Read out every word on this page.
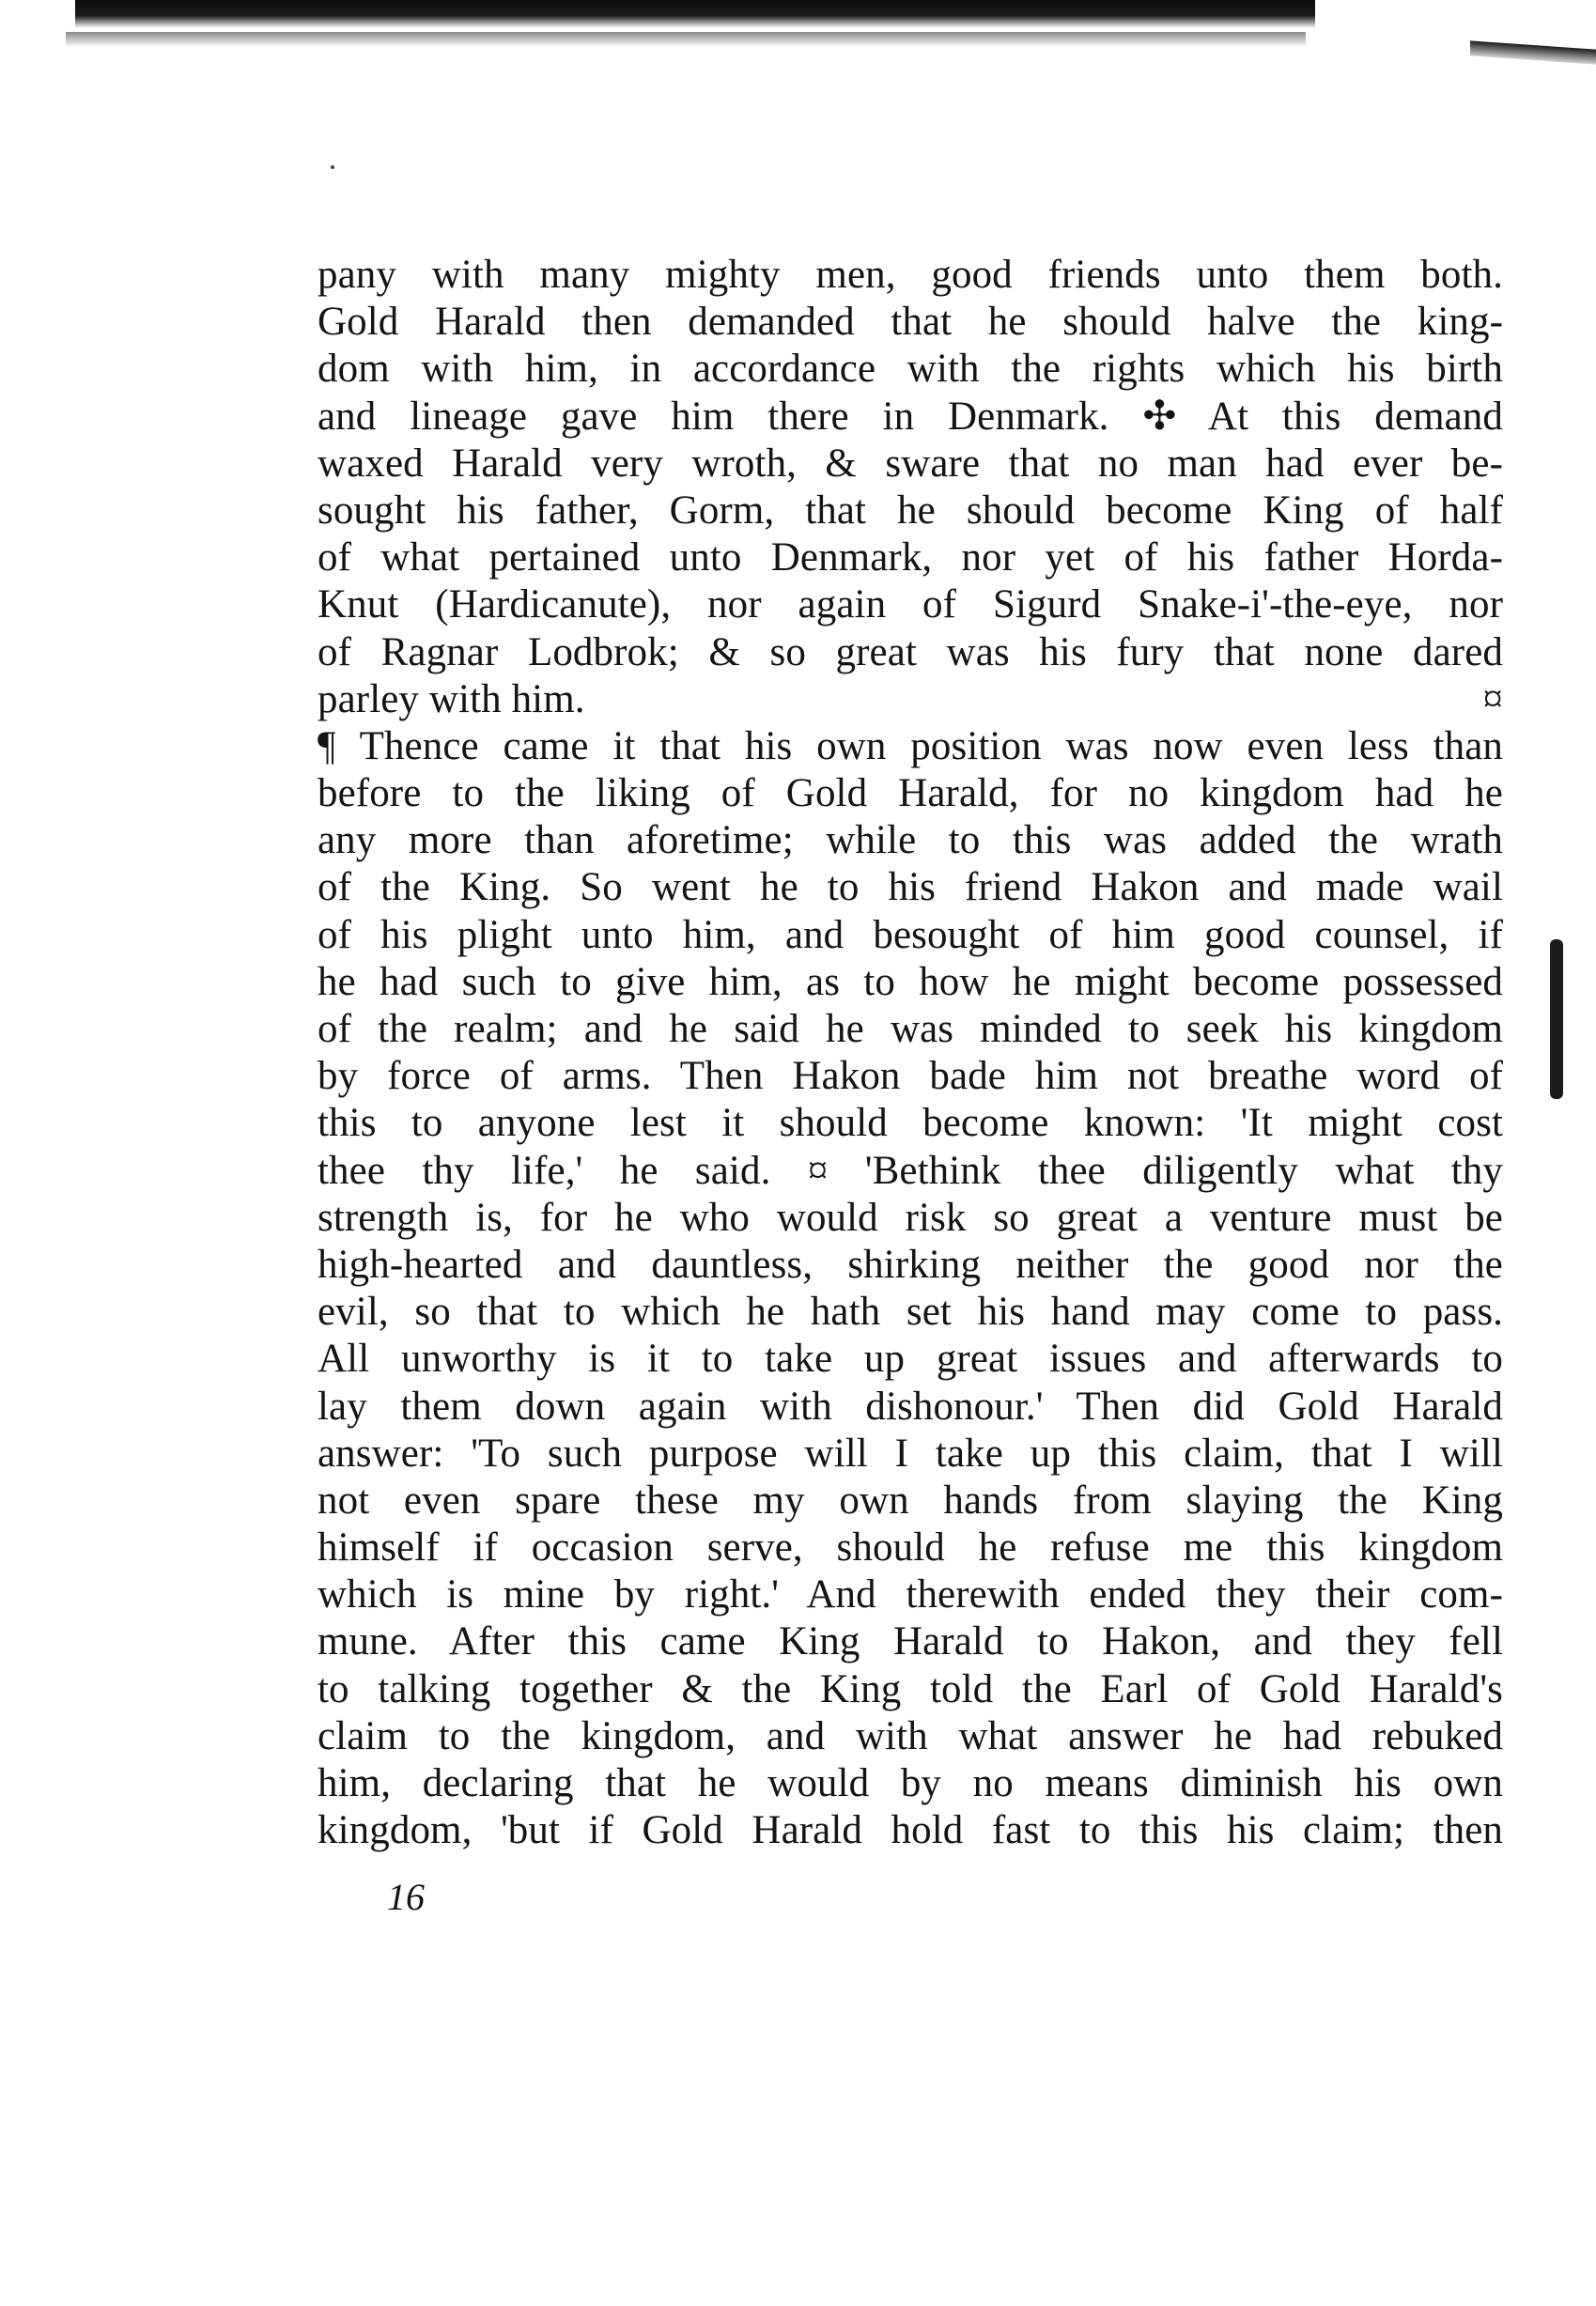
pany with many mighty men, good friends unto them both.
Gold Harald then demanded that he should halve the king-
dom with him, in accordance with the rights which his birth
and lineage gave him there in Denmark. ✣ At this demand
waxed Harald very wroth, & sware that no man had ever be-
sought his father, Gorm, that he should become King of half
of what pertained unto Denmark, nor yet of his father Horda-
Knut (Hardicanute), nor again of Sigurd Snake-i'-the-eye, nor
of Ragnar Lodbrok; & so great was his fury that none dared
parley with him.	¤
¶ Thence came it that his own position was now even less than
before to the liking of Gold Harald, for no kingdom had he
any more than aforetime; while to this was added the wrath
of the King. So went he to his friend Hakon and made wail
of his plight unto him, and besought of him good counsel, if
he had such to give him, as to how he might become possessed
of the realm; and he said he was minded to seek his kingdom
by force of arms. Then Hakon bade him not breathe word of
this to anyone lest it should become known: 'It might cost
thee thy life,' he said. ¤ 'Bethink thee diligently what thy
strength is, for he who would risk so great a venture must be
high-hearted and dauntless, shirking neither the good nor the
evil, so that to which he hath set his hand may come to pass.
All unworthy is it to take up great issues and afterwards to
lay them down again with dishonour.' Then did Gold Harald
answer: 'To such purpose will I take up this claim, that I will
not even spare these my own hands from slaying the King
himself if occasion serve, should he refuse me this kingdom
which is mine by right.' And therewith ended they their com-
mune. After this came King Harald to Hakon, and they fell
to talking together & the King told the Earl of Gold Harald's
claim to the kingdom, and with what answer he had rebuked
him, declaring that he would by no means diminish his own
kingdom, 'but if Gold Harald hold fast to this his claim; then
16
